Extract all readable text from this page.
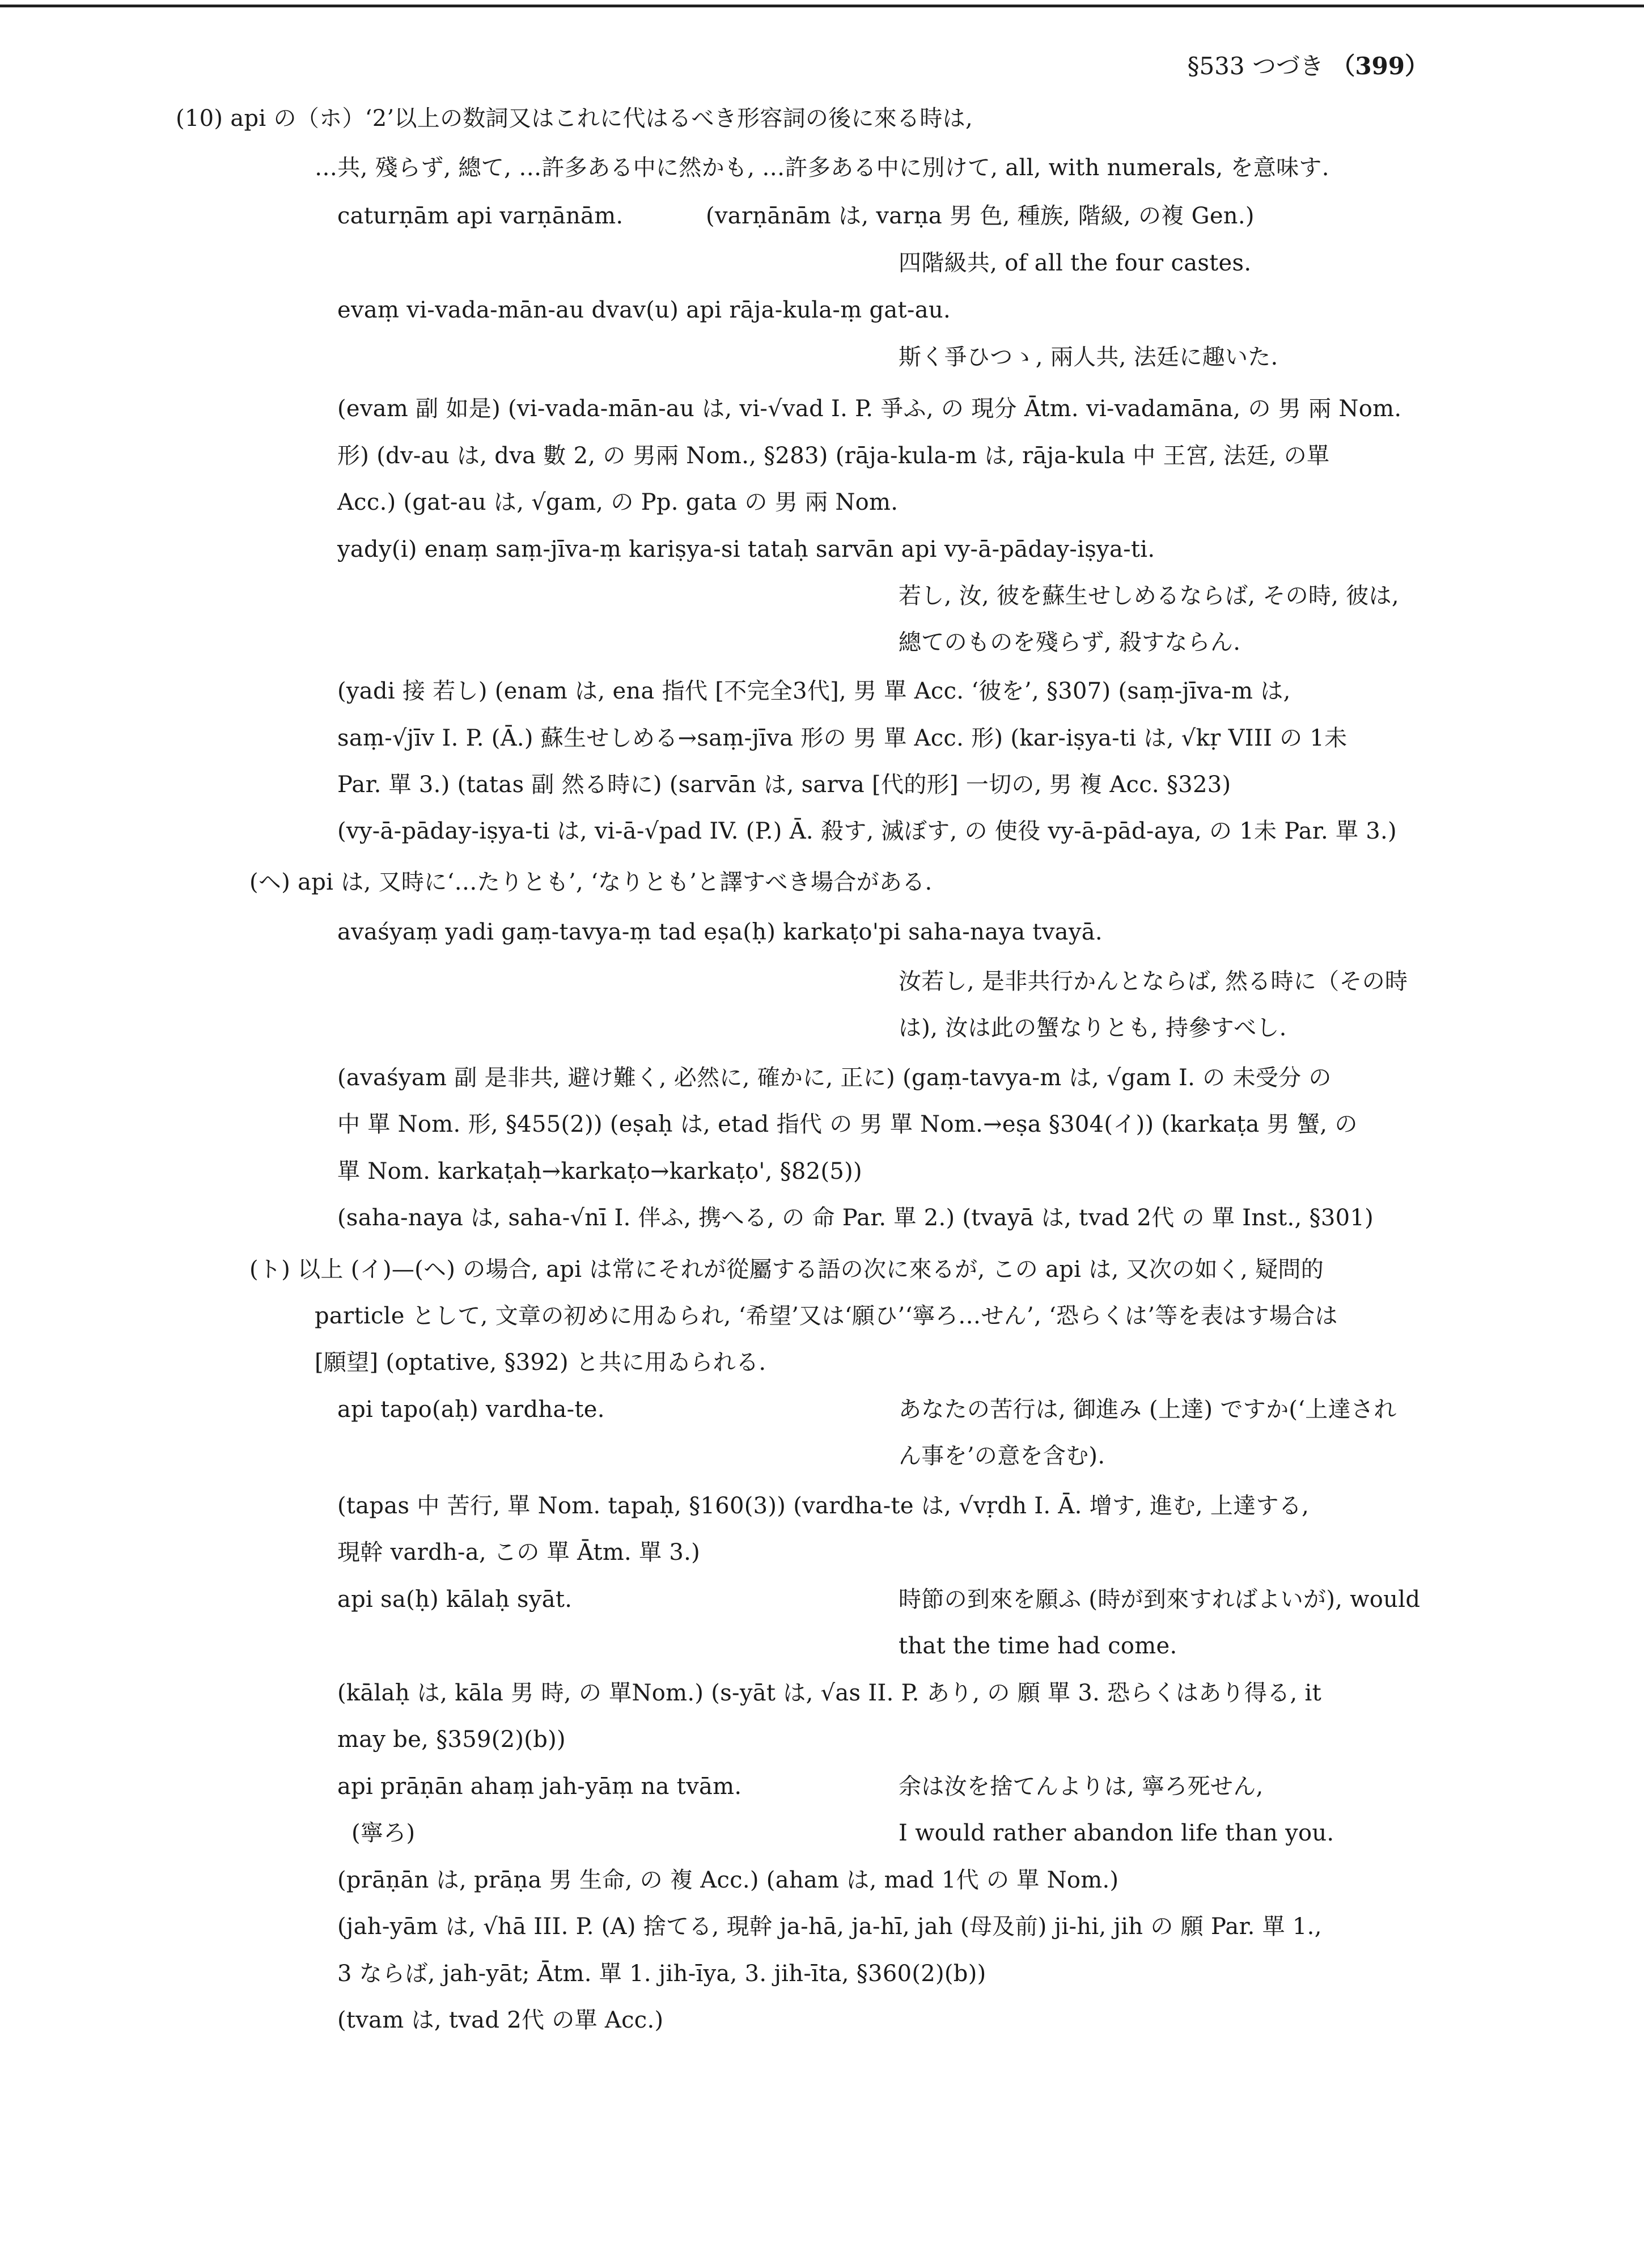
§533 つづき （399）
(10) api の（ホ）‘2’以上の数詞又はこれに代はるべき形容詞の後に來る時は,
…共, 殘らず, 總て, …許多ある中に然かも, …許多ある中に別けて, all, with numerals, を意味す.
caturṇām api varṇānām.	(varṇānām は, varṇa 男 色, 種族, 階級, の複 Gen.)
四階級共, of all the four castes.
evaṃ vi-vada-mān-au dvav(u) api rāja-kula-ṃ gat-au.
斯く爭ひつゝ, 兩人共, 法廷に趣いた.
(evam 副 如是) (vi-vada-mān-au は, vi-√vad I. P. 爭ふ, の 現分 Ātm. vi-vadamāna, の 男 兩 Nom.
形) (dv-au は, dva 數 2, の 男兩 Nom., §283) (rāja-kula-m は, rāja-kula 中 王宮, 法廷, の單
Acc.) (gat-au は, √gam, の Pp. gata の 男 兩 Nom.
yady(i) enaṃ saṃ-jīva-ṃ kariṣya-si tataḥ sarvān api vy-ā-pāday-iṣya-ti.
若し, 汝, 彼を蘇生せしめるならば, その時, 彼は,
總てのものを殘らず, 殺すならん.
(yadi 接 若し) (enam は, ena 指代 [不完全3代], 男 單 Acc. ‘彼を’, §307) (saṃ-jīva-m は,
saṃ-√jīv I. P. (Ā.) 蘇生せしめる→saṃ-jīva 形の 男 單 Acc. 形) (kar-iṣya-ti は, √kṛ VIII の 1未
Par. 單 3.) (tatas 副 然る時に) (sarvān は, sarva [代的形] 一切の, 男 複 Acc. §323)
(vy-ā-pāday-iṣya-ti は, vi-ā-√pad IV. (P.) Ā. 殺す, 滅ぼす, の 使役 vy-ā-pād-aya, の 1未 Par. 單 3.)
(ヘ) api は, 又時に‘…たりとも’, ‘なりとも’と譯すべき場合がある.
avaśyaṃ yadi gaṃ-tavya-ṃ tad eṣa(ḥ) karkaṭo'pi saha-naya tvayā.
汝若し, 是非共行かんとならば, 然る時に（その時
は), 汝は此の蟹なりとも, 持參すべし.
(avaśyam 副 是非共, 避け難く, 必然に, 確かに, 正に) (gaṃ-tavya-m は, √gam I. の 未受分 の
中 單 Nom. 形, §455(2)) (eṣaḥ は, etad 指代 の 男 單 Nom.→eṣa §304(イ)) (karkaṭa 男 蟹, の
單 Nom. karkaṭaḥ→karkaṭo→karkaṭo', §82(5))
(saha-naya は, saha-√nī I. 伴ふ, 携へる, の 命 Par. 單 2.) (tvayā は, tvad 2代 の 單 Inst., §301)
(ト) 以上 (イ)—(ヘ) の場合, api は常にそれが從屬する語の次に來るが, この api は, 又次の如く, 疑問的
particle として, 文章の初めに用ゐられ, ‘希望’又は‘願ひ’‘寧ろ…せん’, ‘恐らくは’等を表はす場合は
[願望] (optative, §392) と共に用ゐられる.
api tapo(aḥ) vardha-te.	あなたの苦行は, 御進み (上達) ですか(‘上達され
ん事を’の意を含む).
(tapas 中 苦行, 單 Nom. tapaḥ, §160(3)) (vardha-te は, √vṛdh I. Ā. 增す, 進む, 上達する,
現幹 vardh-a, この 單 Ātm. 單 3.)
api sa(ḥ) kālaḥ syāt.	時節の到來を願ふ (時が到來すればよいが), would
that the time had come.
(kālaḥ は, kāla 男 時, の 單Nom.) (s-yāt は, √as II. P. あり, の 願 單 3. 恐らくはあり得る, it
may be, §359(2)(b))
api prāṇān ahaṃ jah-yāṃ na tvām.	余は汝を捨てんよりは, 寧ろ死せん,
(寧ろ)	I would rather abandon life than you.
(prāṇān は, prāṇa 男 生命, の 複 Acc.) (aham は, mad 1代 の 單 Nom.)
(jah-yām は, √hā III. P. (A) 捨てる, 現幹 ja-hā, ja-hī, jah (母及前) ji-hi, jih の 願 Par. 單 1.,
3 ならば, jah-yāt; Ātm. 單 1. jih-īya, 3. jih-īta, §360(2)(b))
(tvam は, tvad 2代 の單 Acc.)
